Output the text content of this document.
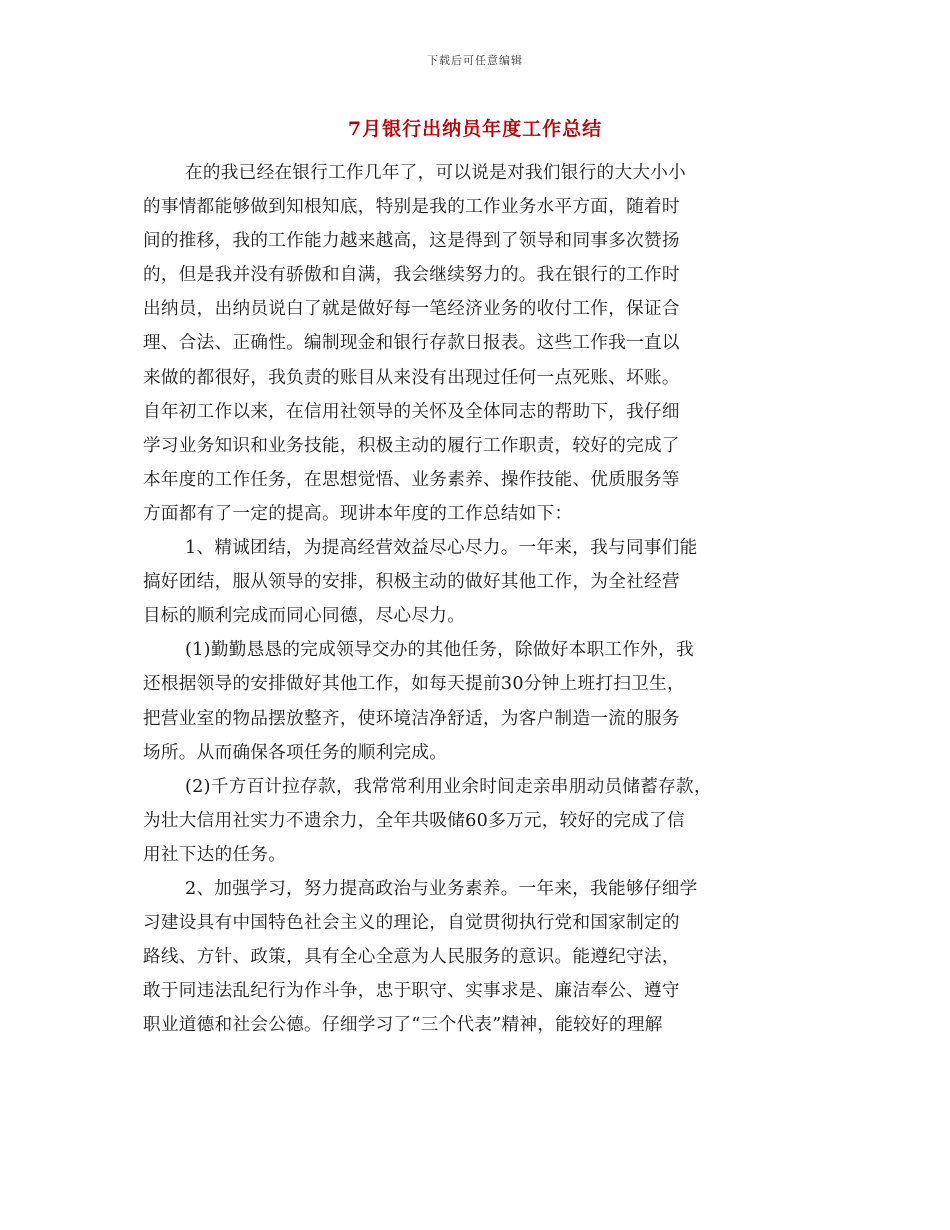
下载后可任意编辑
7月银行出纳员年度工作总结
在的我已经在银行工作几年了，可以说是对我们银行的大大小小
的事情都能够做到知根知底，特别是我的工作业务水平方面，随着时
间的推移，我的工作能力越来越高，这是得到了领导和同事多次赞扬
的，但是我并没有骄傲和自满，我会继续努力的。我在银行的工作时
出纳员，出纳员说白了就是做好每一笔经济业务的收付工作，保证合
理、合法、正确性。编制现金和银行存款日报表。这些工作我一直以
来做的都很好，我负责的账目从来没有出现过任何一点死账、坏账。
自年初工作以来，在信用社领导的关怀及全体同志的帮助下，我仔细
学习业务知识和业务技能，积极主动的履行工作职责，较好的完成了
本年度的工作任务，在思想觉悟、业务素养、操作技能、优质服务等
方面都有了一定的提高。现讲本年度的工作总结如下：
1、精诚团结，为提高经营效益尽心尽力。一年来，我与同事们能
搞好团结，服从领导的安排，积极主动的做好其他工作，为全社经营
目标的顺利完成而同心同德，尽心尽力。
(1)勤勤恳恳的完成领导交办的其他任务，除做好本职工作外，我
还根据领导的安排做好其他工作，如每天提前30分钟上班打扫卫生，
把营业室的物品摆放整齐，使环境洁净舒适，为客户制造一流的服务
场所。从而确保各项任务的顺利完成。
(2)千方百计拉存款，我常常利用业余时间走亲串朋动员储蓄存款，
为壮大信用社实力不遗余力，全年共吸储60多万元，较好的完成了信
用社下达的任务。
2、加强学习，努力提高政治与业务素养。一年来，我能够仔细学
习建设具有中国特色社会主义的理论，自觉贯彻执行党和国家制定的
路线、方针、政策，具有全心全意为人民服务的意识。能遵纪守法，
敢于同违法乱纪行为作斗争，忠于职守、实事求是、廉洁奉公、遵守
职业道德和社会公德。仔细学习了“三个代表”精神，能较好的理解
